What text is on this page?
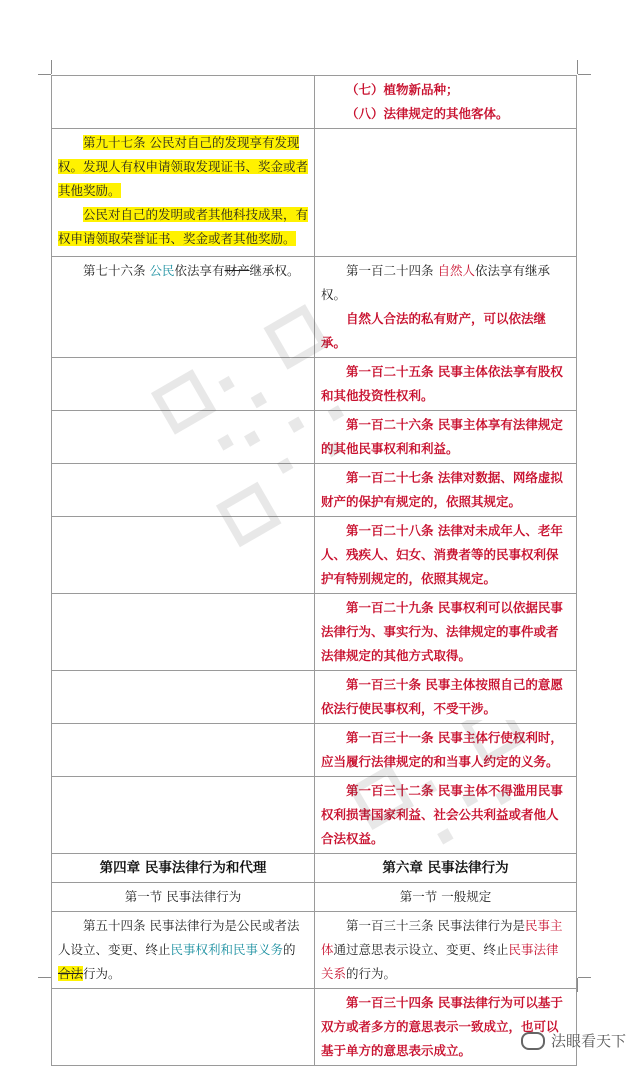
	（七）植物新品种；
（八）法律规定的其他客体。

第九十七条 公民对自己的发现享有发现权。发现人有权申请领取发现证书、奖金或者其他奖励。
公民对自己的发明或者其他科技成果，有权申请领取荣誉证书、奖金或者其他奖励。	

第七十六条 公民依法享有财产继承权。	第一百二十四条 自然人依法享有继承权。
自然人合法的私有财产，可以依法继承。

	第一百二十五条 民事主体依法享有股权和其他投资性权利。

	第一百二十六条 民事主体享有法律规定的其他民事权利和利益。

	第一百二十七条 法律对数据、网络虚拟财产的保护有规定的，依照其规定。

	第一百二十八条 法律对未成年人、老年人、残疾人、妇女、消费者等的民事权利保护有特别规定的，依照其规定。

	第一百二十九条 民事权利可以依据民事法律行为、事实行为、法律规定的事件或者法律规定的其他方式取得。

	第一百三十条 民事主体按照自己的意愿依法行使民事权利，不受干涉。

	第一百三十一条 民事主体行使权利时，应当履行法律规定的和当事人约定的义务。

	第一百三十二条 民事主体不得滥用民事权利损害国家利益、社会公共利益或者他人合法权益。

第四章 民事法律行为和代理	第六章 民事法律行为

第一节 民事法律行为	第一节 一般规定

第五十四条 民事法律行为是公民或者法人设立、变更、终止民事权利和民事义务的合法行为。	第一百三十三条 民事法律行为是民事主体通过意思表示设立、变更、终止民事法律关系的行为。

	第一百三十四条 民事法律行为可以基于双方或者多方的意思表示一致成立，也可以基于单方的意思表示成立。
法眼看天下
